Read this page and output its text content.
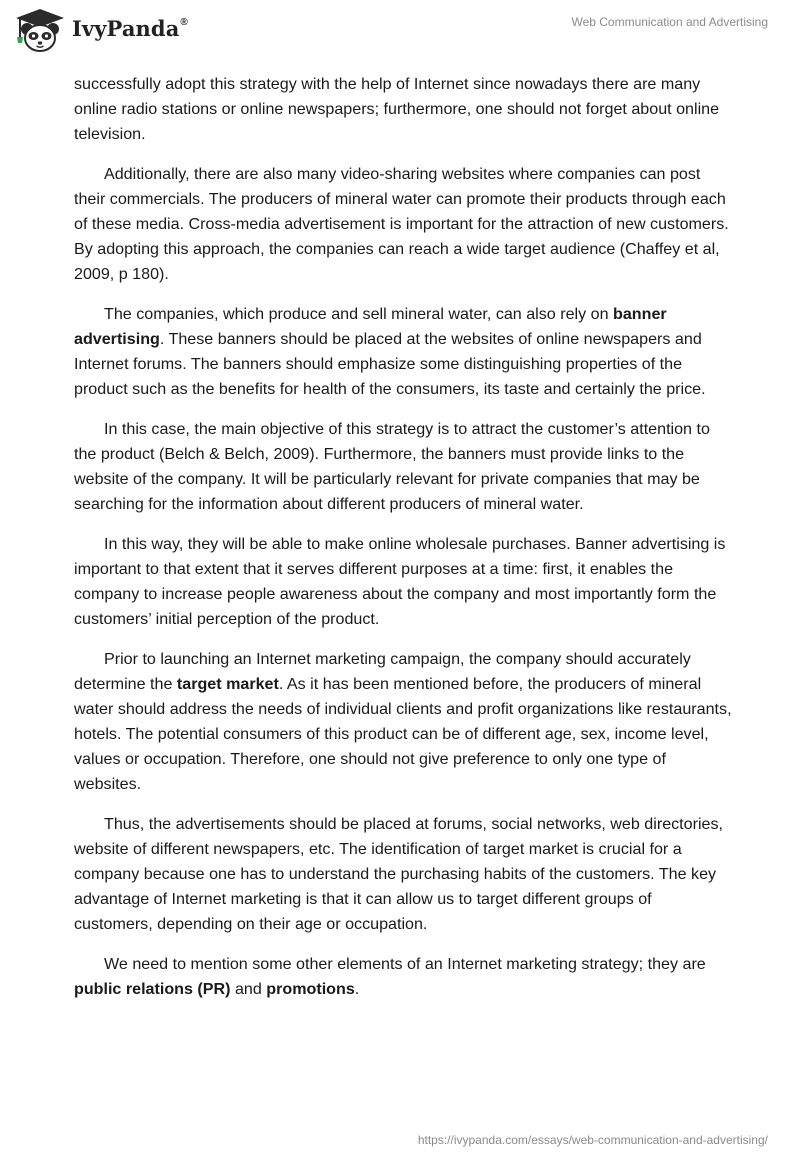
IvyPanda®	Web Communication and Advertising

successfully adopt this strategy with the help of Internet since nowadays there are many online radio stations or online newspapers; furthermore, one should not forget about online television.

Additionally, there are also many video-sharing websites where companies can post their commercials. The producers of mineral water can promote their products through each of these media. Cross-media advertisement is important for the attraction of new customers. By adopting this approach, the companies can reach a wide target audience (Chaffey et al, 2009, p 180).

The companies, which produce and sell mineral water, can also rely on banner advertising. These banners should be placed at the websites of online newspapers and Internet forums. The banners should emphasize some distinguishing properties of the product such as the benefits for health of the consumers, its taste and certainly the price.

In this case, the main objective of this strategy is to attract the customer’s attention to the product (Belch & Belch, 2009). Furthermore, the banners must provide links to the website of the company. It will be particularly relevant for private companies that may be searching for the information about different producers of mineral water.

In this way, they will be able to make online wholesale purchases. Banner advertising is important to that extent that it serves different purposes at a time: first, it enables the company to increase people awareness about the company and most importantly form the customers’ initial perception of the product.

Prior to launching an Internet marketing campaign, the company should accurately determine the target market. As it has been mentioned before, the producers of mineral water should address the needs of individual clients and profit organizations like restaurants, hotels. The potential consumers of this product can be of different age, sex, income level, values or occupation. Therefore, one should not give preference to only one type of websites.

Thus, the advertisements should be placed at forums, social networks, web directories, website of different newspapers, etc. The identification of target market is crucial for a company because one has to understand the purchasing habits of the customers. The key advantage of Internet marketing is that it can allow us to target different groups of customers, depending on their age or occupation.

We need to mention some other elements of an Internet marketing strategy; they are public relations (PR) and promotions.

https://ivypanda.com/essays/web-communication-and-advertising/
